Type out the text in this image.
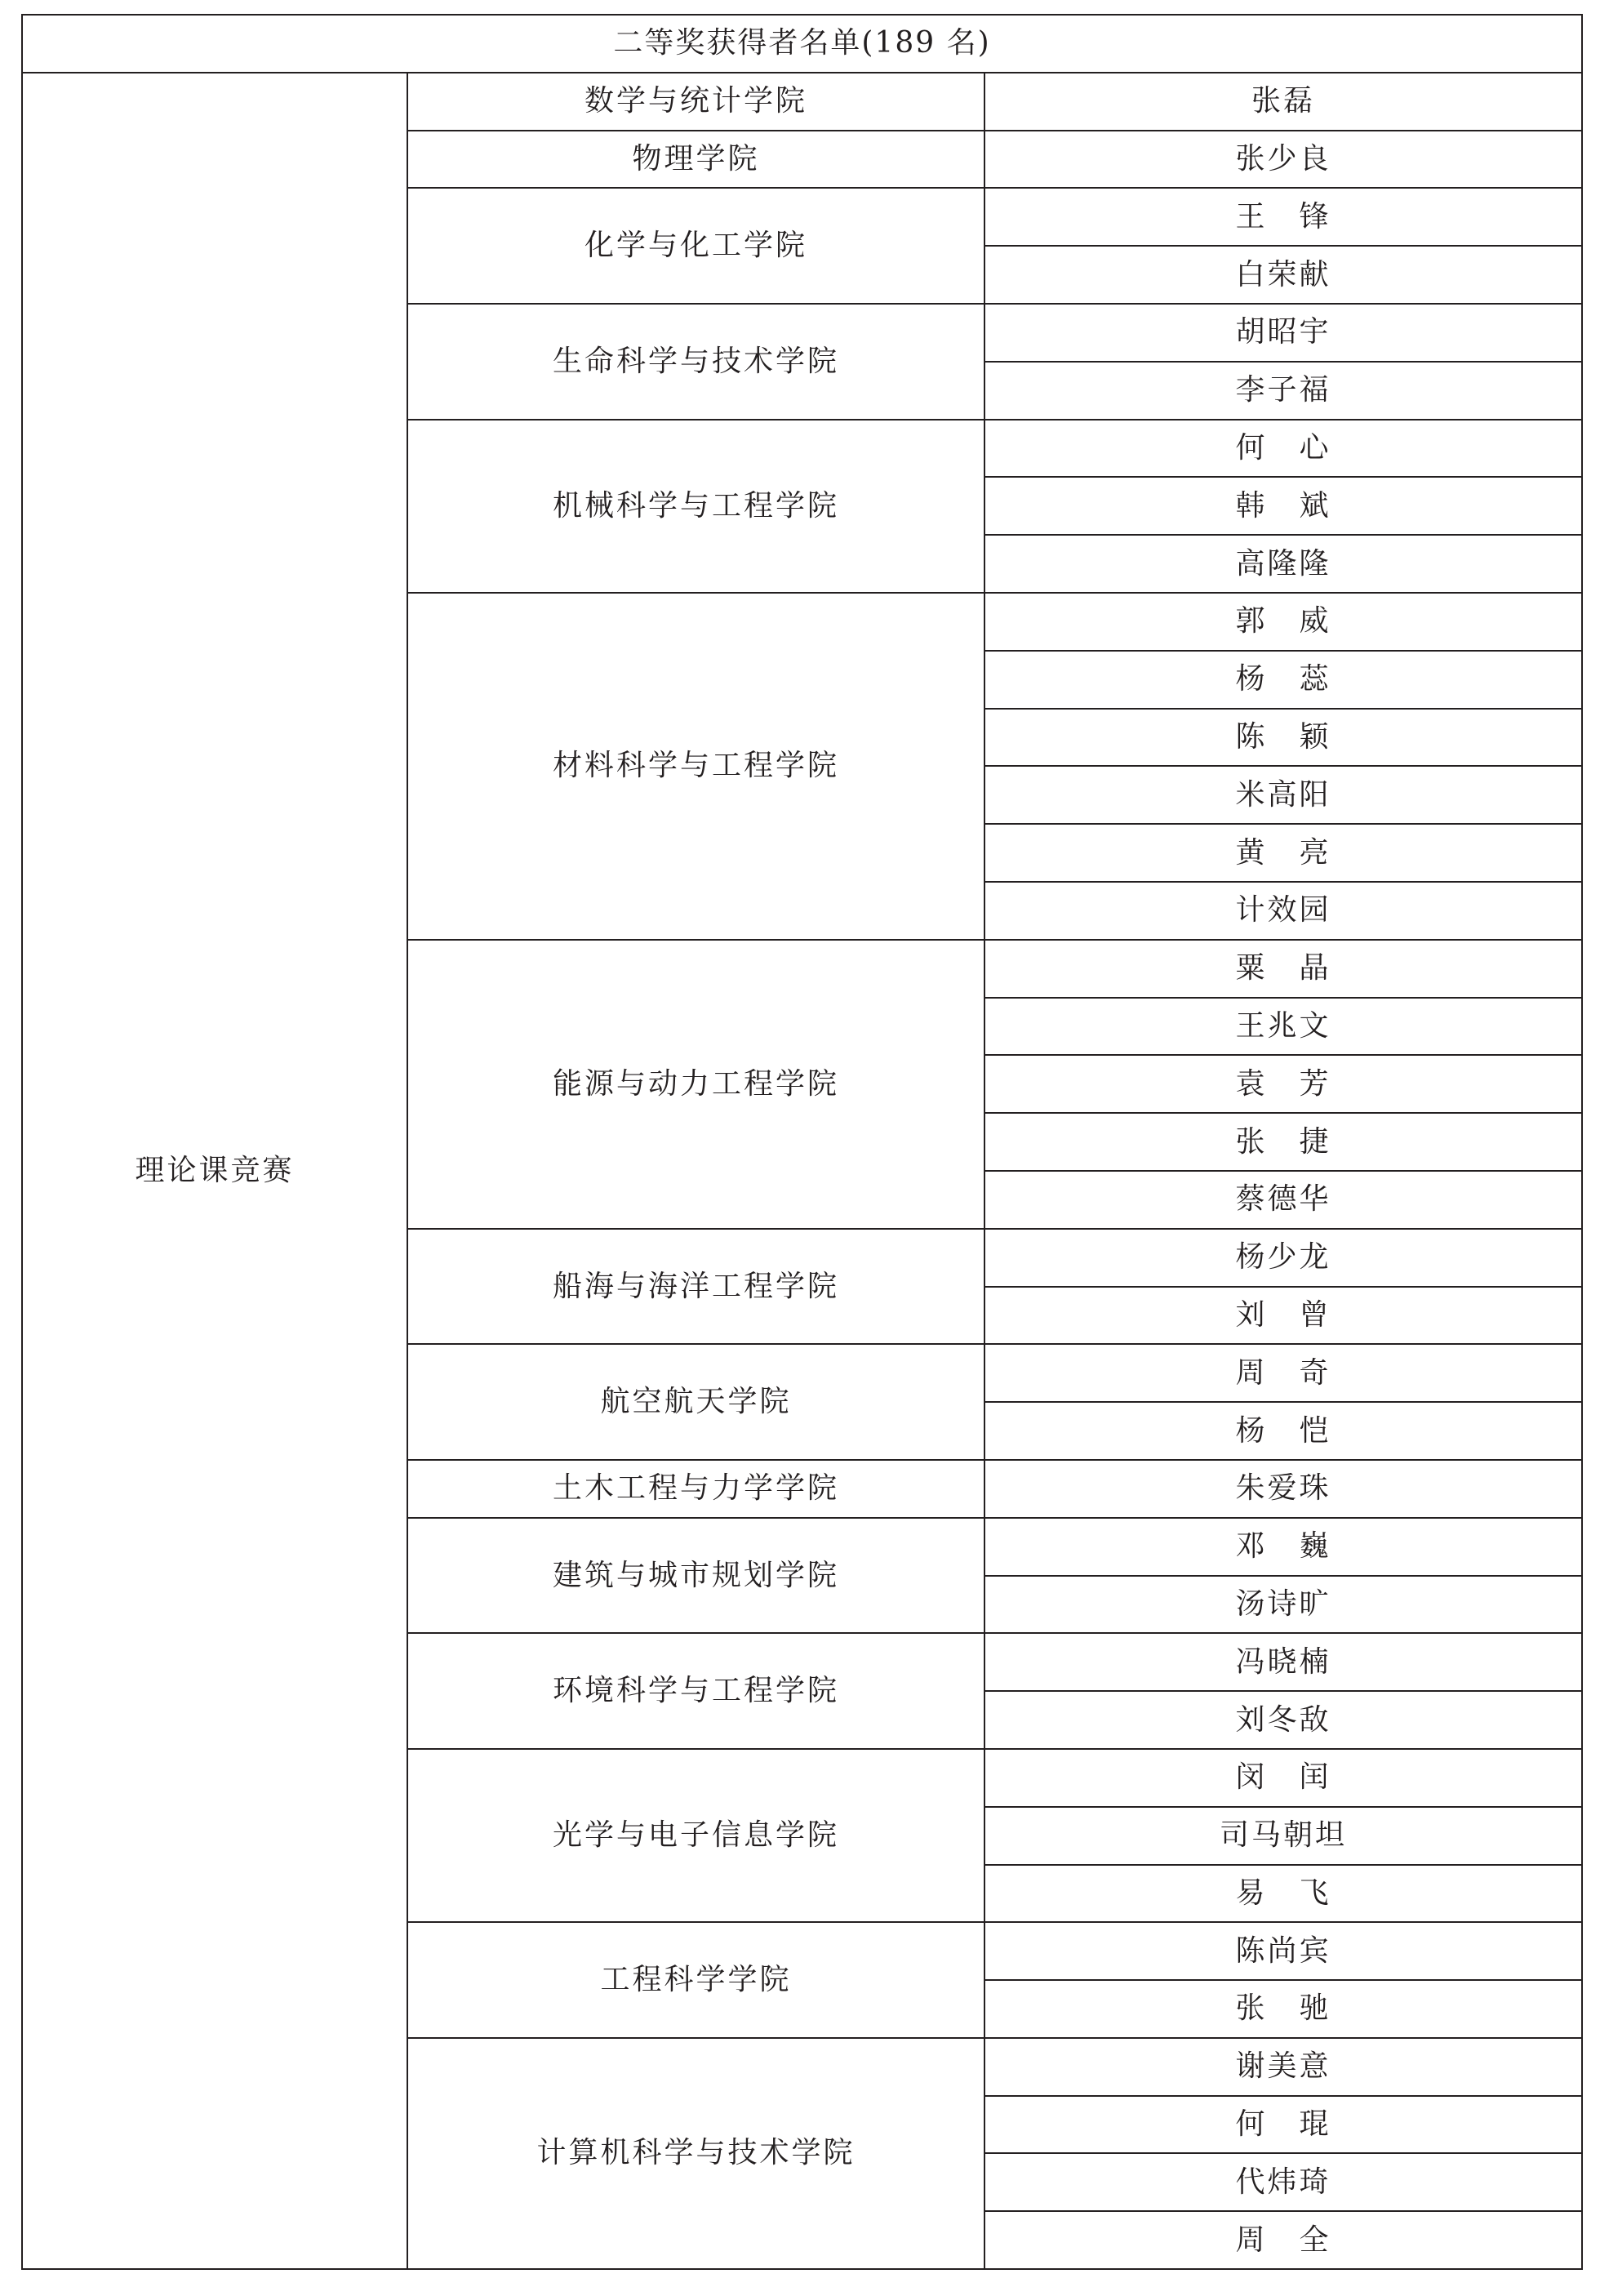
二等奖获得者名单(189 名)		
理论课竞赛	数学与统计学院	张磊
	物理学院	张少良
	化学与化工学院	王　锋
		白荣献
	生命科学与技术学院	胡昭宇
		李子福
	机械科学与工程学院	何　心
		韩　斌
		高隆隆
	材料科学与工程学院	郭　威
		杨　蕊
		陈　颖
		米高阳
		黄　亮
		计效园
	能源与动力工程学院	粟　晶
		王兆文
		袁　芳
		张　捷
		蔡德华
	船海与海洋工程学院	杨少龙
		刘　曾
	航空航天学院	周　奇
		杨　恺
	土木工程与力学学院	朱爱珠
	建筑与城市规划学院	邓　巍
		汤诗旷
	环境科学与工程学院	冯晓楠
		刘冬敌
	光学与电子信息学院	闵　闰
		司马朝坦
		易　飞
	工程科学学院	陈尚宾
		张　驰
	计算机科学与技术学院	谢美意
		何　琨
		代炜琦
		周　全
